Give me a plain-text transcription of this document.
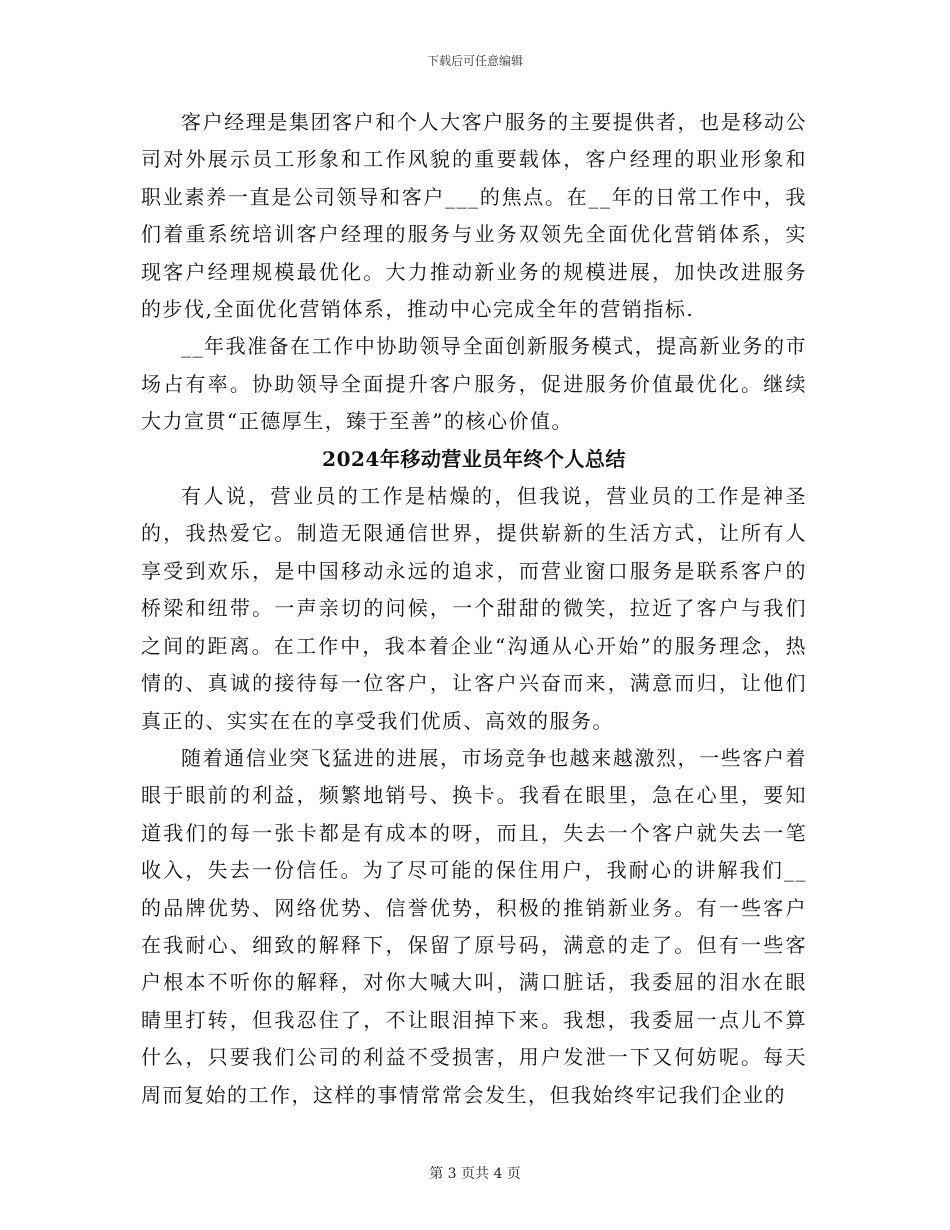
下载后可任意编辑

客户经理是集团客户和个人大客户服务的主要提供者，也是移动公司对外展示员工形象和工作风貌的重要载体，客户经理的职业形象和职业素养一直是公司领导和客户___的焦点。在__年的日常工作中，我们着重系统培训客户经理的服务与业务双领先全面优化营销体系，实现客户经理规模最优化。大力推动新业务的规模进展，加快改进服务的步伐,全面优化营销体系，推动中心完成全年的营销指标.

__年我准备在工作中协助领导全面创新服务模式，提高新业务的市场占有率。协助领导全面提升客户服务，促进服务价值最优化。继续大力宣贯“正德厚生，臻于至善”的核心价值。

2024年移动营业员年终个人总结

有人说，营业员的工作是枯燥的，但我说，营业员的工作是神圣的，我热爱它。制造无限通信世界，提供崭新的生活方式，让所有人享受到欢乐，是中国移动永远的追求，而营业窗口服务是联系客户的桥梁和纽带。一声亲切的问候，一个甜甜的微笑，拉近了客户与我们之间的距离。在工作中，我本着企业“沟通从心开始”的服务理念，热情的、真诚的接待每一位客户，让客户兴奋而来，满意而归，让他们真正的、实实在在的享受我们优质、高效的服务。

随着通信业突飞猛进的进展，市场竞争也越来越激烈，一些客户着眼于眼前的利益，频繁地销号、换卡。我看在眼里，急在心里，要知道我们的每一张卡都是有成本的呀，而且，失去一个客户就失去一笔收入，失去一份信任。为了尽可能的保住用户，我耐心的讲解我们__的品牌优势、网络优势、信誉优势，积极的推销新业务。有一些客户在我耐心、细致的解释下，保留了原号码，满意的走了。但有一些客户根本不听你的解释，对你大喊大叫，满口脏话，我委屈的泪水在眼睛里打转，但我忍住了，不让眼泪掉下来。我想，我委屈一点儿不算什么，只要我们公司的利益不受损害，用户发泄一下又何妨呢。每天周而复始的工作，这样的事情常常会发生，但我始终牢记我们企业的

第 3 页共 4 页
